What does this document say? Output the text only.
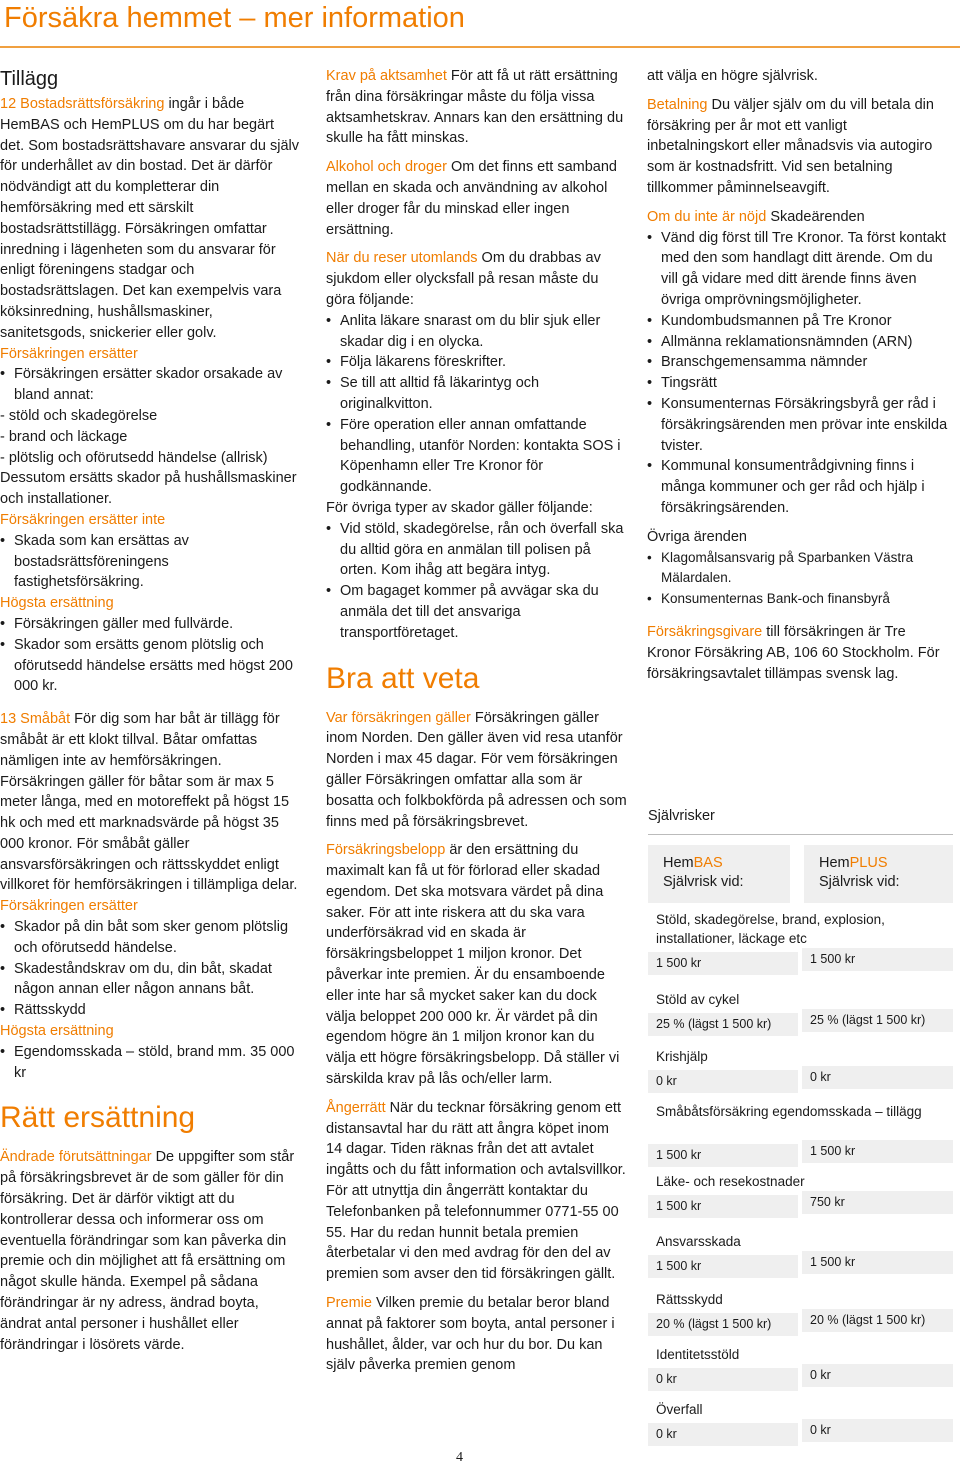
Försäkra hemmet – mer information
Tillägg

12 Bostadsrättsförsäkring ingår i både HemBAS och HemPLUS om du har begärt det. Som bostadsrättshavare ansvarar du själv för underhållet av din bostad. Det är därför nödvändigt att du kompletterar din hemförsäkring med ett särskilt bostadsrättstillägg. Försäkringen omfattar inredning i lägenheten som du ansvarar för enligt föreningens stadgar och bostadsrättslagen. Det kan exempelvis vara köksinredning, hushållsmaskiner, sanitetsgods, snickerier eller golv.

Försäkringen ersätter

• Försäkringen ersätter skador orsakade av bland annat:
- stöld och skadegörelse
- brand och läckage
- plötslig och oförutsedd händelse (allrisk)

Dessutom ersätts skador på hushållsmaskiner och installationer.

Försäkringen ersätter inte

• Skada som kan ersättas av bostadsrättsföreningens fastighetsförsäkring.

Högsta ersättning

• Försäkringen gäller med fullvärde.
• Skador som ersätts genom plötslig och oförutsedd händelse ersätts med högst 200 000 kr.

13 Småbåt För dig som har båt är tillägg för småbåt är ett klokt tillval. Båtar omfattas nämligen inte av hemförsäkringen. Försäkringen gäller för båtar som är max 5 meter långa, med en motoreffekt på högst 15 hk och med ett marknadsvärde på högst 35 000 kronor. För småbåt gäller ansvarsförsäkringen och rättsskyddet enligt villkoret för hemförsäkringen i tillämpliga delar.

Försäkringen ersätter

• Skador på din båt som sker genom plötslig och oförutsedd händelse.
• Skadeståndskrav om du, din båt, skadat någon annan eller någon annans båt.
• Rättsskydd

Högsta ersättning

• Egendomsskada – stöld, brand mm. 35 000 kr
Rätt ersättning

Ändrade förutsättningar De uppgifter som står på försäkringsbrevet är de som gäller för din försäkring. Det är därför viktigt att du kontrollerar dessa och informerar oss om eventuella förändringar som kan påverka din premie och din möjlighet att få ersättning om något skulle hända. Exempel på sådana förändringar är ny adress, ändrad boyta, ändrat antal personer i hushållet eller förändringar i lösörets värde.

Krav på aktsamhet För att få ut rätt ersättning från dina försäkringar måste du följa vissa aktsamhetskrav. Annars kan den ersättning du skulle ha fått minskas.

Alkohol och droger Om det finns ett samband mellan en skada och användning av alkohol eller droger får du minskad eller ingen ersättning.

När du reser utomlands Om du drabbas av sjukdom eller olycksfall på resan måste du göra följande:

• Anlita läkare snarast om du blir sjuk eller skadar dig i en olycka.
• Följa läkarens föreskrifter.
• Se till att alltid få läkarintyg och originalkvitton.
• Före operation eller annan omfattande behandling, utanför Norden: kontakta SOS i Köpenhamn eller Tre Kronor för godkännande.

För övriga typer av skador gäller följande:

• Vid stöld, skadegörelse, rån och överfall ska du alltid göra en anmälan till polisen på orten. Kom ihåg att begära intyg.
• Om bagaget kommer på avvägar ska du anmäla det till det ansvariga transportföretaget.
Bra att veta

Var försäkringen gäller Försäkringen gäller inom Norden. Den gäller även vid resa utanför Norden i max 45 dagar. För vem försäkringen gäller Försäkringen omfattar alla som är bosatta och folkbokförda på adressen och som finns med på försäkringsbrevet.

Försäkringsbelopp är den ersättning du maximalt kan få ut för förlorad eller skadad egendom. Det ska motsvara värdet på dina saker. För att inte riskera att du ska vara underförsäkrad vid en skada är försäkringsbeloppet 1 miljon kronor. Det påverkar inte premien. Är du ensamboende eller inte har så mycket saker kan du dock välja beloppet 200 000 kr. Är värdet på din egendom högre än 1 miljon kronor kan du välja ett högre försäkringsbelopp. Då ställer vi särskilda krav på lås och/eller larm.

Ångerrätt När du tecknar försäkring genom ett distansavtal har du rätt att ångra köpet inom 14 dagar. Tiden räknas från det att avtalet ingåtts och du fått information och avtalsvillkor. För att utnyttja din ångerrätt kontaktar du Telefonbanken på telefonnummer 0771-55 00 55. Har du redan hunnit betala premien återbetalar vi den med avdrag för den del av premien som avser den tid försäkringen gällt.

Premie Vilken premie du betalar beror bland annat på faktorer som boyta, antal personer i hushållet, ålder, var och hur du bor. Du kan själv påverka premien genom

att välja en högre självrisk.

Betalning Du väljer själv om du vill betala din försäkring per år mot ett vanligt inbetalningskort eller månadsvis via autogiro som är kostnadsfritt. Vid sen betalning tillkommer påminnelseavgift.

Om du inte är nöjd Skadeärenden

• Vänd dig först till Tre Kronor. Ta först kontakt med den som handlagt ditt ärende. Om du vill gå vidare med ditt ärende finns även övriga omprövningsmöjligheter.
• Kundombudsmannen på Tre Kronor
• Allmänna reklamationsnämnden (ARN)
• Branschgemensamma nämnder
• Tingsrätt
• Konsumenternas Försäkringsbyrå ger råd i försäkringsärenden men prövar inte enskilda tvister.
• Kommunal konsumentrådgivning finns i många kommuner och ger råd och hjälp i försäkringsärenden.

Övriga ärenden

• Klagomålsansvarig på Sparbanken Västra Mälardalen.
• Konsumenternas Bank-och finansbyrå

Försäkringsgivare till försäkringen är Tre Kronor Försäkring AB, 106 60 Stockholm. För försäkringsavtalet tillämpas svensk lag.

Självrisker
HemBAS
Självrisk vid:
HemPLUS
Självrisk vid:
Stöld, skadegörelse, brand, explosion, installationer, läckage etc
1 500 kr	1 500 kr
Stöld av cykel
25 % (lägst 1 500 kr)	25 % (lägst 1 500 kr)
Krishjälp
0 kr	0 kr
Småbåtsförsäkring egendomsskada – tillägg
1 500 kr	1 500 kr
Läke- och resekostnader
1 500 kr	750 kr
Ansvarsskada
1 500 kr	1 500 kr
Rättsskydd
20 % (lägst 1 500 kr)	20 % (lägst 1 500 kr)
Identitetsstöld
0 kr	0 kr
Överfall
0 kr	0 kr
4
